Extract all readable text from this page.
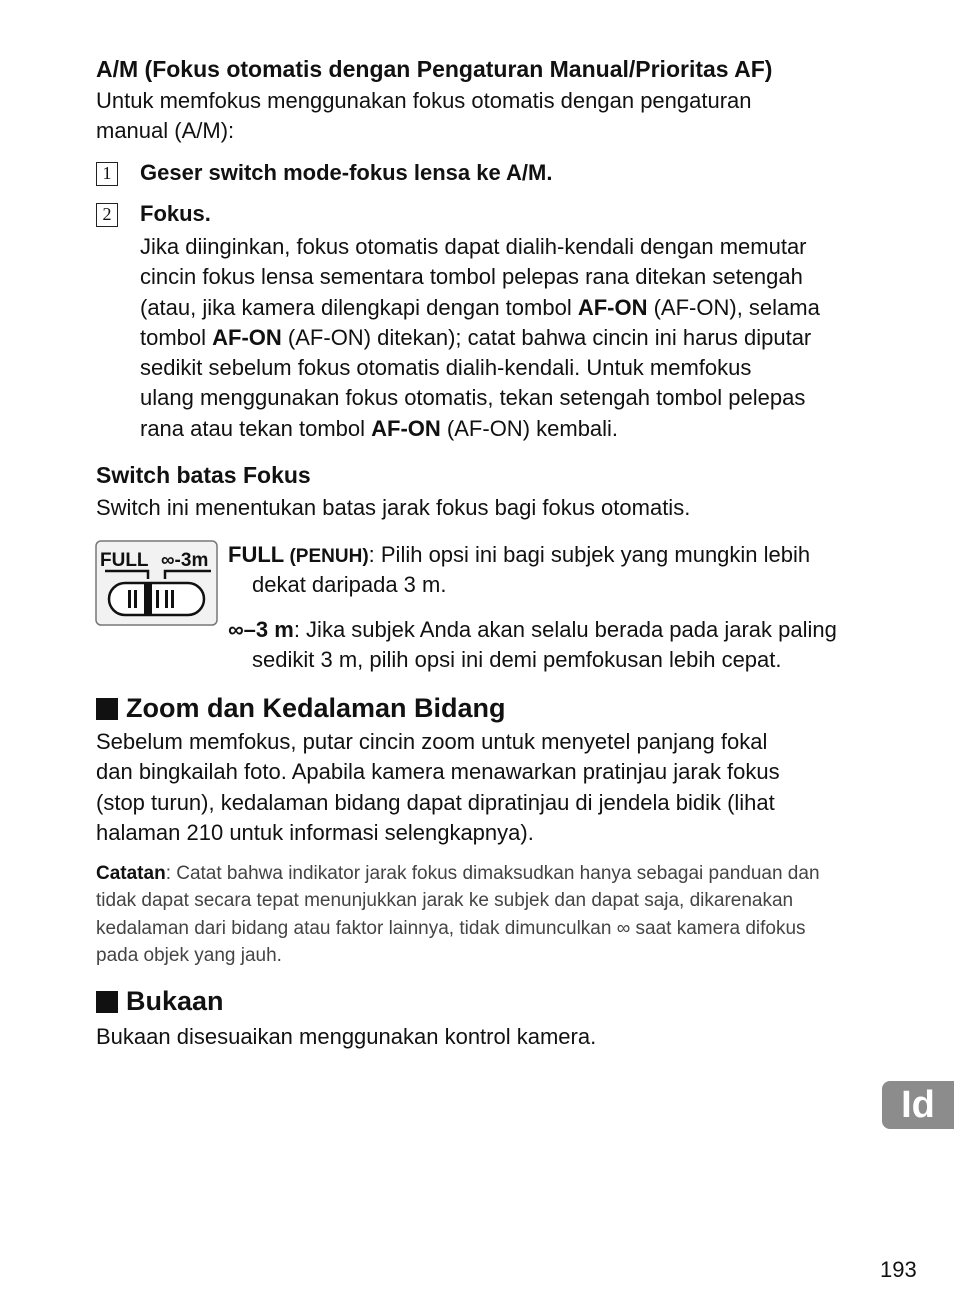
A/M (Fokus otomatis dengan Pengaturan Manual/Prioritas AF)
Untuk memfokus menggunakan fokus otomatis dengan pengaturan
manual (A/M):
1 Geser switch mode-fokus lensa ke A/M.
2 Fokus.
Jika diinginkan, fokus otomatis dapat dialih-kendali dengan memutar
cincin fokus lensa sementara tombol pelepas rana ditekan setengah
(atau, jika kamera dilengkapi dengan tombol AF-ON (AF-ON), selama
tombol AF-ON (AF-ON) ditekan); catat bahwa cincin ini harus diputar
sedikit sebelum fokus otomatis dialih-kendali. Untuk memfokus
ulang menggunakan fokus otomatis, tekan setengah tombol pelepas
rana atau tekan tombol AF-ON (AF-ON) kembali.
Switch batas Fokus
Switch ini menentukan batas jarak fokus bagi fokus otomatis.
FULL ∞-3m FULL (PENUH): Pilih opsi ini bagi subjek yang mungkin lebih
dekat daripada 3 m.
∞–3 m: Jika subjek Anda akan selalu berada pada jarak paling
sedikit 3 m, pilih opsi ini demi pemfokusan lebih cepat.
Zoom dan Kedalaman Bidang
Sebelum memfokus, putar cincin zoom untuk menyetel panjang fokal
dan bingkailah foto. Apabila kamera menawarkan pratinjau jarak fokus
(stop turun), kedalaman bidang dapat dipratinjau di jendela bidik (lihat
halaman 210 untuk informasi selengkapnya).
Catatan: Catat bahwa indikator jarak fokus dimaksudkan hanya sebagai panduan dan
tidak dapat secara tepat menunjukkan jarak ke subjek dan dapat saja, dikarenakan
kedalaman dari bidang atau faktor lainnya, tidak dimunculkan ∞ saat kamera difokus
pada objek yang jauh.
Bukaan
Bukaan disesuaikan menggunakan kontrol kamera.
Id
193
